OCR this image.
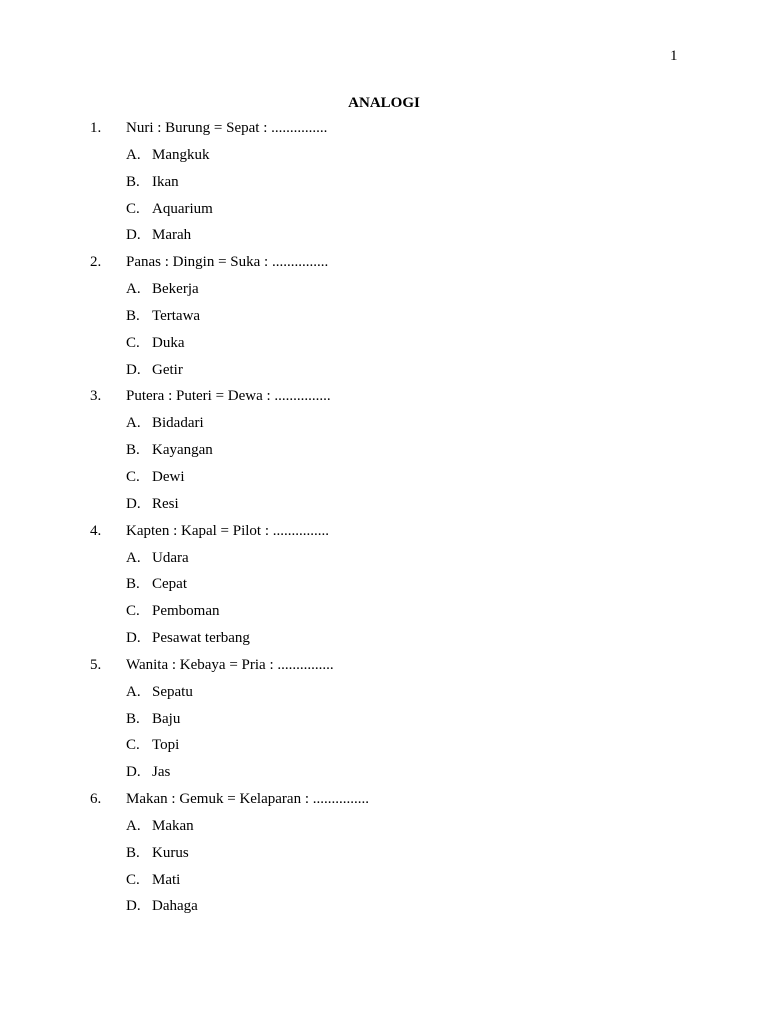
1
ANALOGI
1. Nuri : Burung = Sepat : ...............
A. Mangkuk
B. Ikan
C. Aquarium
D. Marah
2. Panas : Dingin = Suka : ...............
A. Bekerja
B. Tertawa
C. Duka
D. Getir
3. Putera : Puteri = Dewa : ...............
A. Bidadari
B. Kayangan
C. Dewi
D. Resi
4. Kapten : Kapal = Pilot : ...............
A. Udara
B. Cepat
C. Pemboman
D. Pesawat terbang
5. Wanita : Kebaya = Pria : ...............
A. Sepatu
B. Baju
C. Topi
D. Jas
6. Makan : Gemuk = Kelaparan : ...............
A. Makan
B. Kurus
C. Mati
D. Dahaga
